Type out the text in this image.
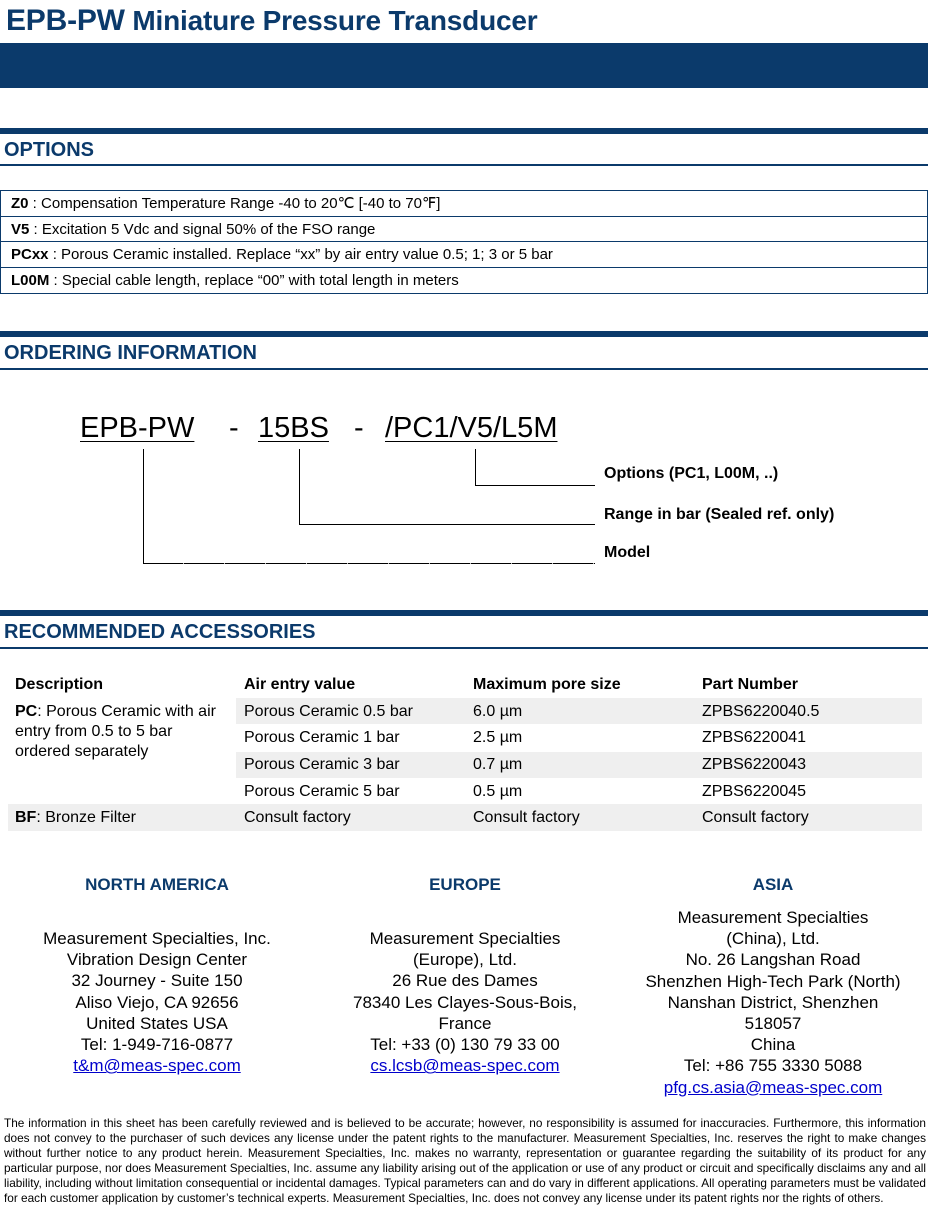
EPB-PW Miniature Pressure Transducer
OPTIONS
Z0 : Compensation Temperature Range -40 to 20℃ [-40 to 70℉]
V5 : Excitation 5 Vdc and signal 50% of the FSO range
PCxx : Porous Ceramic installed. Replace “xx” by air entry value 0.5; 1; 3 or 5 bar
L00M : Special cable length, replace “00” with total length in meters
ORDERING INFORMATION
EPB-PW - 15BS - /PC1/V5/L5M
Options (PC1, L00M, ..)
Range in bar (Sealed ref. only)
Model
RECOMMENDED ACCESSORIES
Description	Air entry value	Maximum pore size	Part Number
PC: Porous Ceramic with air entry from 0.5 to 5 bar ordered separately
Porous Ceramic 0.5 bar	6.0 µm	ZPBS6220040.5
Porous Ceramic 1 bar	2.5 µm	ZPBS6220041
Porous Ceramic 3 bar	0.7 µm	ZPBS6220043
Porous Ceramic 5 bar	0.5 µm	ZPBS6220045
BF: Bronze Filter	Consult factory	Consult factory	Consult factory
NORTH AMERICA	EUROPE	ASIA
Measurement Specialties, Inc.
Vibration Design Center
32 Journey - Suite 150
Aliso Viejo, CA 92656
United States USA
Tel: 1-949-716-0877
t&m@meas-spec.com
Measurement Specialties
(Europe), Ltd.
26 Rue des Dames
78340 Les Clayes-Sous-Bois,
France
Tel: +33 (0) 130 79 33 00
cs.lcsb@meas-spec.com
Measurement Specialties
(China), Ltd.
No. 26 Langshan Road
Shenzhen High-Tech Park (North)
Nanshan District, Shenzhen
518057
China
Tel: +86 755 3330 5088
pfg.cs.asia@meas-spec.com
The information in this sheet has been carefully reviewed and is believed to be accurate; however, no responsibility is assumed for inaccuracies. Furthermore, this information does not convey to the purchaser of such devices any license under the patent rights to the manufacturer. Measurement Specialties, Inc. reserves the right to make changes without further notice to any product herein. Measurement Specialties, Inc. makes no warranty, representation or guarantee regarding the suitability of its product for any particular purpose, nor does Measurement Specialties, Inc. assume any liability arising out of the application or use of any product or circuit and specifically disclaims any and all liability, including without limitation consequential or incidental damages. Typical parameters can and do vary in different applications. All operating parameters must be validated for each customer application by customer’s technical experts. Measurement Specialties, Inc. does not convey any license under its patent rights nor the rights of others.
